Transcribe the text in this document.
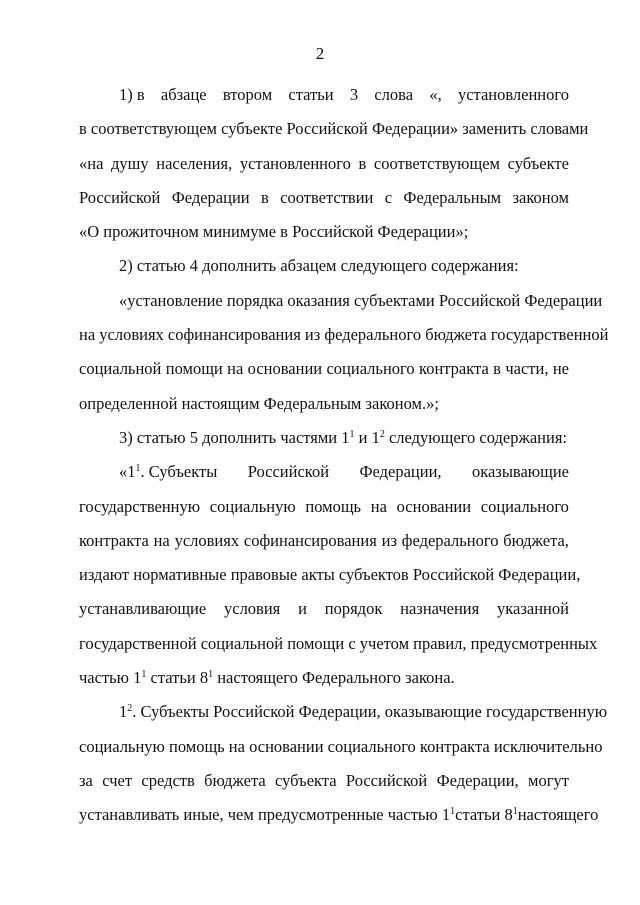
2
1) в абзаце втором статьи 3 слова «, установленного
в соответствующем субъекте Российской Федерации» заменить словами
«на душу населения, установленного в соответствующем субъекте
Российской Федерации в соответствии с Федеральным законом
«О прожиточном минимуме в Российской Федерации»;
2) статью 4 дополнить абзацем следующего содержания:
«установление порядка оказания субъектами Российской Федерации
на условиях софинансирования из федерального бюджета государственной
социальной помощи на основании социального контракта в части, не
определенной настоящим Федеральным законом.»;
3) статью 5 дополнить частями $1^1$ и $1^2$ следующего содержания:
«$1^1$. Субъекты Российской Федерации, оказывающие
государственную социальную помощь на основании социального
контракта на условиях софинансирования из федерального бюджета,
издают нормативные правовые акты субъектов Российской Федерации,
устанавливающие условия и порядок назначения указанной
государственной социальной помощи с учетом правил, предусмотренных
частью $1^1$ статьи $8^1$ настоящего Федерального закона.
$1^2$. Субъекты Российской Федерации, оказывающие государственную
социальную помощь на основании социального контракта исключительно
за счет средств бюджета субъекта Российской Федерации, могут
устанавливать иные, чем предусмотренные частью $1^1статьи$ $8^1$ настоящего
